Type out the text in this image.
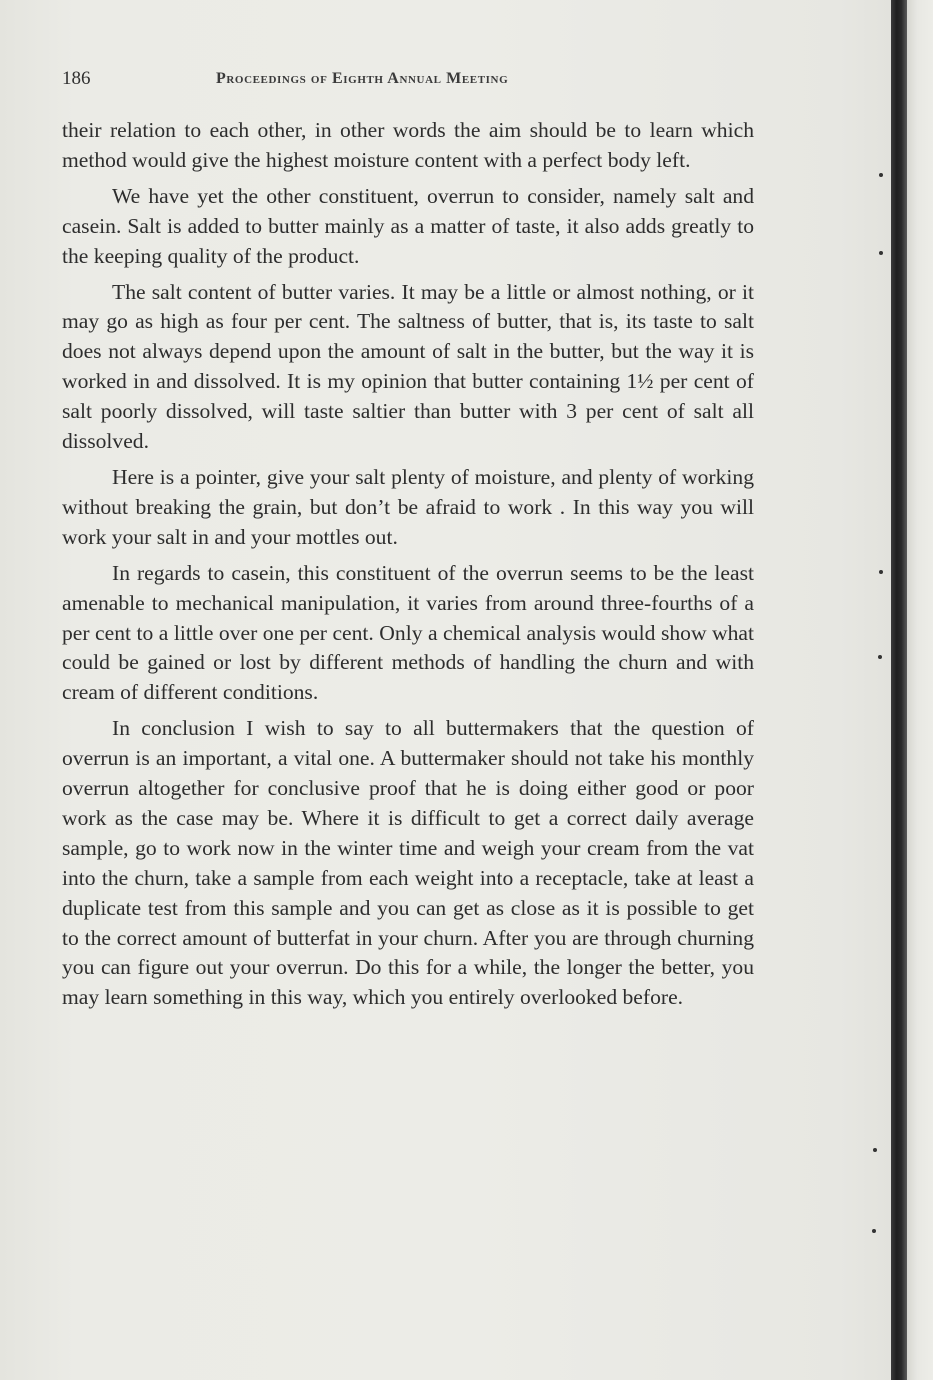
186	Proceedings of Eighth Annual Meeting

their relation to each other, in other words the aim should be to learn which method would give the highest moisture content with a perfect body left.

We have yet the other constituent, overrun to consider, namely salt and casein. Salt is added to butter mainly as a matter of taste, it also adds greatly to the keeping quality of the product.

The salt content of butter varies. It may be a little or almost nothing, or it may go as high as four per cent. The saltness of butter, that is, its taste to salt does not always depend upon the amount of salt in the butter, but the way it is worked in and dissolved. It is my opinion that butter containing 1½ per cent of salt poorly dissolved, will taste saltier than butter with 3 per cent of salt all dissolved.

Here is a pointer, give your salt plenty of moisture, and plenty of working without breaking the grain, but don’t be afraid to work . In this way you will work your salt in and your mottles out.

In regards to casein, this constituent of the overrun seems to be the least amenable to mechanical manipulation, it varies from around three-fourths of a per cent to a little over one per cent. Only a chemical analysis would show what could be gained or lost by different methods of handling the churn and with cream of different conditions.

In conclusion I wish to say to all buttermakers that the question of overrun is an important, a vital one. A buttermaker should not take his monthly overrun altogether for conclusive proof that he is doing either good or poor work as the case may be. Where it is difficult to get a correct daily average sample, go to work now in the winter time and weigh your cream from the vat into the churn, take a sample from each weight into a receptacle, take at least a duplicate test from this sample and you can get as close as it is possible to get to the correct amount of butterfat in your churn. After you are through churning you can figure out your overrun. Do this for a while, the longer the better, you may learn something in this way, which you entirely overlooked before.
